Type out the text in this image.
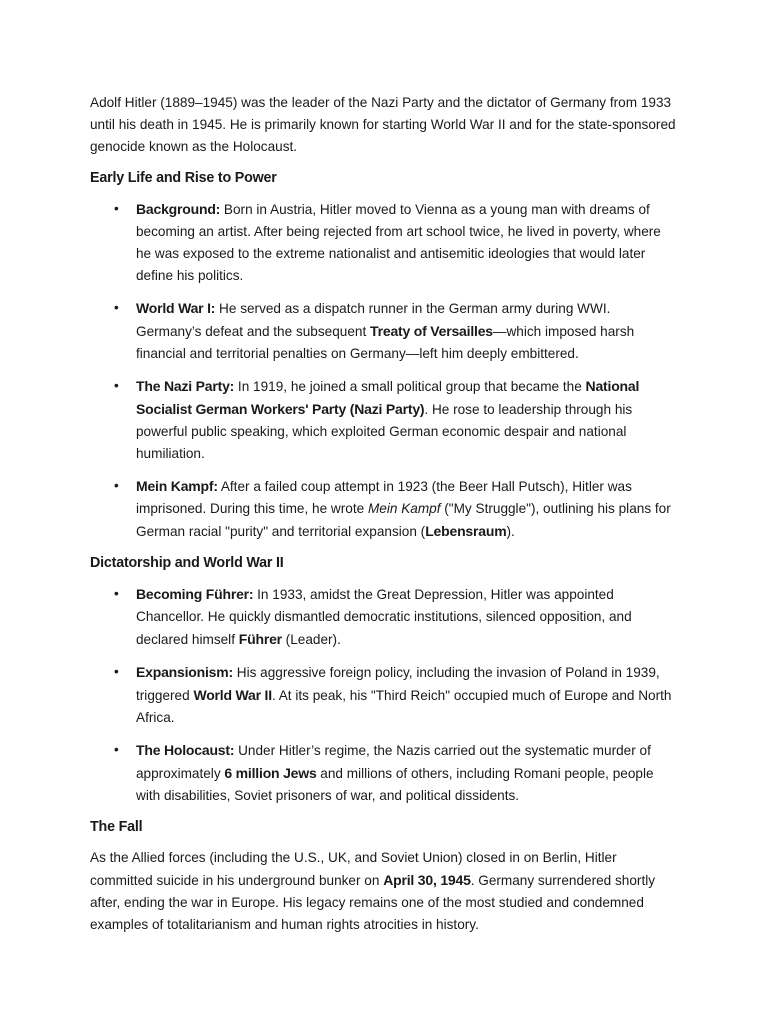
Adolf Hitler (1889–1945) was the leader of the Nazi Party and the dictator of Germany from 1933 until his death in 1945. He is primarily known for starting World War II and for the state-sponsored genocide known as the Holocaust.

Early Life and Rise to Power
• Background: Born in Austria, Hitler moved to Vienna as a young man with dreams of becoming an artist. After being rejected from art school twice, he lived in poverty, where he was exposed to the extreme nationalist and antisemitic ideologies that would later define his politics.

• World War I: He served as a dispatch runner in the German army during WWI. Germany’s defeat and the subsequent Treaty of Versailles—which imposed harsh financial and territorial penalties on Germany—left him deeply embittered.

• The Nazi Party: In 1919, he joined a small political group that became the National Socialist German Workers' Party (Nazi Party). He rose to leadership through his powerful public speaking, which exploited German economic despair and national humiliation.

• Mein Kampf: After a failed coup attempt in 1923 (the Beer Hall Putsch), Hitler was imprisoned. During this time, he wrote Mein Kampf ("My Struggle"), outlining his plans for German racial "purity" and territorial expansion (Lebensraum).

Dictatorship and World War II
• Becoming Führer: In 1933, amidst the Great Depression, Hitler was appointed Chancellor. He quickly dismantled democratic institutions, silenced opposition, and declared himself Führer (Leader).

• Expansionism: His aggressive foreign policy, including the invasion of Poland in 1939, triggered World War II. At its peak, his "Third Reich" occupied much of Europe and North Africa.

• The Holocaust: Under Hitler’s regime, the Nazis carried out the systematic murder of approximately 6 million Jews and millions of others, including Romani people, people with disabilities, Soviet prisoners of war, and political dissidents.

The Fall

As the Allied forces (including the U.S., UK, and Soviet Union) closed in on Berlin, Hitler committed suicide in his underground bunker on April 30, 1945. Germany surrendered shortly after, ending the war in Europe. His legacy remains one of the most studied and condemned examples of totalitarianism and human rights atrocities in history.
